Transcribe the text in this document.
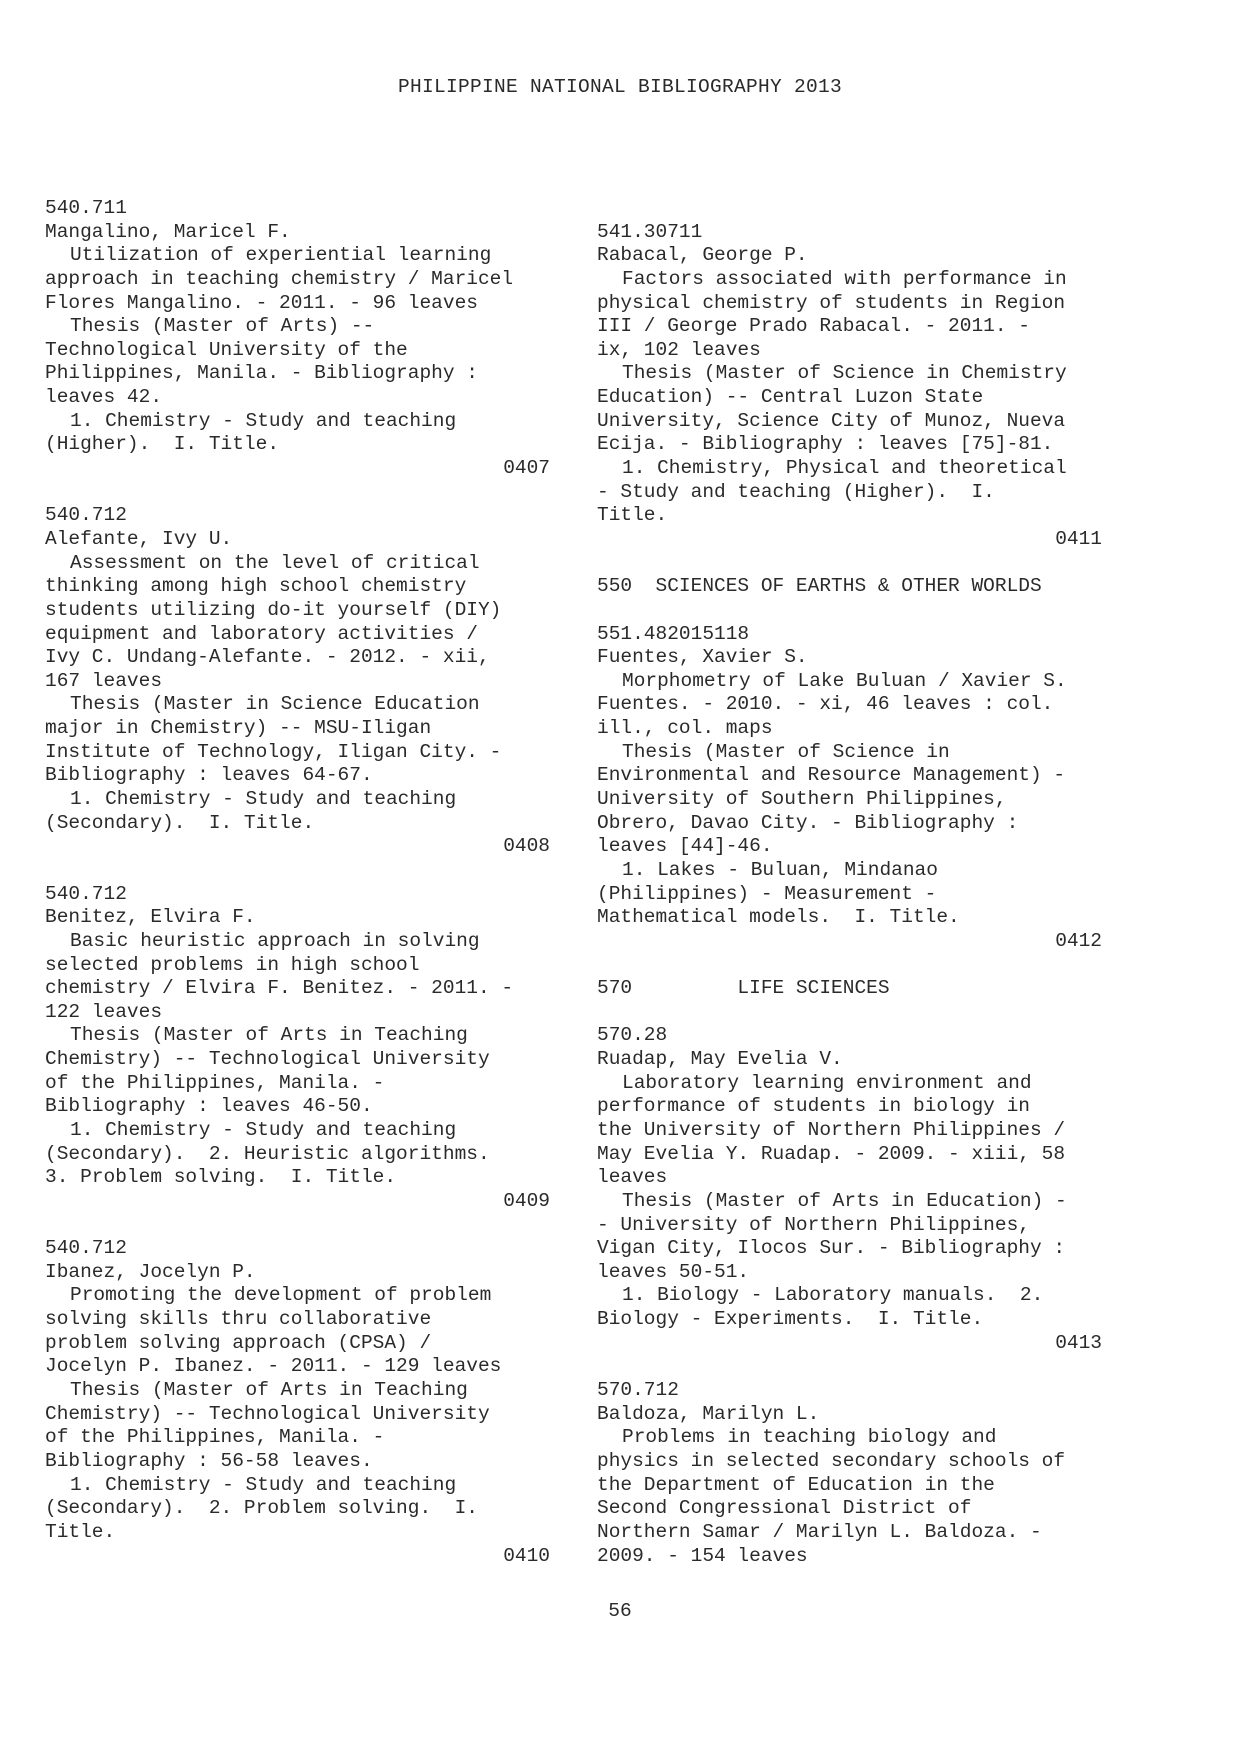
PHILIPPINE NATIONAL BIBLIOGRAPHY 2013
540.711
Mangalino, Maricel F.
Utilization of experiential learning
approach in teaching chemistry / Maricel
Flores Mangalino. - 2011. - 96 leaves
Thesis (Master of Arts) --
Technological University of the
Philippines, Manila. - Bibliography :
leaves 42.
1. Chemistry - Study and teaching
(Higher).  I. Title.
0407
540.712
Alefante, Ivy U.
Assessment on the level of critical
thinking among high school chemistry
students utilizing do-it yourself (DIY)
equipment and laboratory activities /
Ivy C. Undang-Alefante. - 2012. - xii,
167 leaves
Thesis (Master in Science Education
major in Chemistry) -- MSU-Iligan
Institute of Technology, Iligan City. -
Bibliography : leaves 64-67.
1. Chemistry - Study and teaching
(Secondary).  I. Title.
0408
540.712
Benitez, Elvira F.
Basic heuristic approach in solving
selected problems in high school
chemistry / Elvira F. Benitez. - 2011. -
122 leaves
Thesis (Master of Arts in Teaching
Chemistry) -- Technological University
of the Philippines, Manila. -
Bibliography : leaves 46-50.
1. Chemistry - Study and teaching
(Secondary).  2. Heuristic algorithms.
3. Problem solving.  I. Title.
0409
540.712
Ibanez, Jocelyn P.
Promoting the development of problem
solving skills thru collaborative
problem solving approach (CPSA) /
Jocelyn P. Ibanez. - 2011. - 129 leaves
Thesis (Master of Arts in Teaching
Chemistry) -- Technological University
of the Philippines, Manila. -
Bibliography : 56-58 leaves.
1. Chemistry - Study and teaching
(Secondary).  2. Problem solving.  I.
Title.
0410
541.30711
Rabacal, George P.
Factors associated with performance in
physical chemistry of students in Region
III / George Prado Rabacal. - 2011. -
ix, 102 leaves
Thesis (Master of Science in Chemistry
Education) -- Central Luzon State
University, Science City of Munoz, Nueva
Ecija. - Bibliography : leaves [75]-81.
1. Chemistry, Physical and theoretical
- Study and teaching (Higher).  I.
Title.
0411
550  SCIENCES OF EARTHS & OTHER WORLDS
551.482015118
Fuentes, Xavier S.
Morphometry of Lake Buluan / Xavier S.
Fuentes. - 2010. - xi, 46 leaves : col.
ill., col. maps
Thesis (Master of Science in
Environmental and Resource Management) -
University of Southern Philippines,
Obrero, Davao City. - Bibliography :
leaves [44]-46.
1. Lakes - Buluan, Mindanao
(Philippines) - Measurement -
Mathematical models.  I. Title.
0412
570         LIFE SCIENCES
570.28
Ruadap, May Evelia V.
Laboratory learning environment and
performance of students in biology in
the University of Northern Philippines /
May Evelia Y. Ruadap. - 2009. - xiii, 58
leaves
Thesis (Master of Arts in Education) -
- University of Northern Philippines,
Vigan City, Ilocos Sur. - Bibliography :
leaves 50-51.
1. Biology - Laboratory manuals.  2.
Biology - Experiments.  I. Title.
0413
570.712
Baldoza, Marilyn L.
Problems in teaching biology and
physics in selected secondary schools of
the Department of Education in the
Second Congressional District of
Northern Samar / Marilyn L. Baldoza. -
2009. - 154 leaves
56
